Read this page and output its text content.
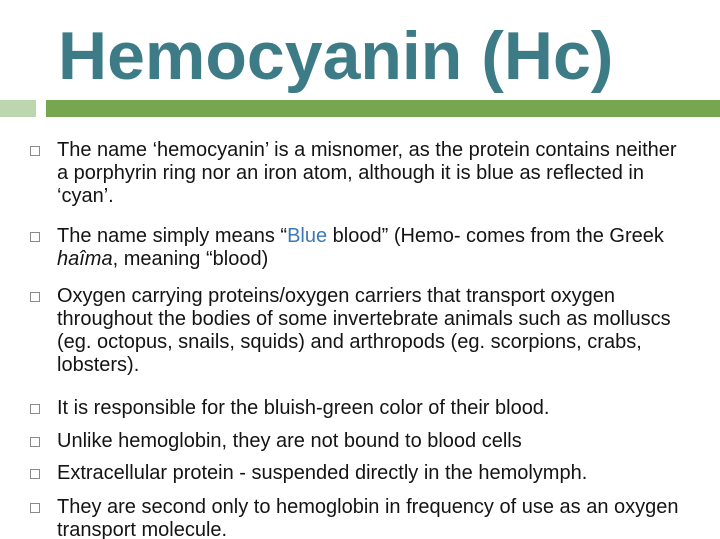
Hemocyanin (Hc)
The name ‘hemocyanin’ is a misnomer, as the protein contains neither a porphyrin ring nor an iron atom, although it is blue as reflected in ‘cyan’.
The name simply means “Blue blood” (Hemo- comes from the Greek haîma, meaning “blood)
Oxygen carrying proteins/oxygen carriers that transport oxygen throughout the bodies of some invertebrate animals such as molluscs (eg. octopus, snails, squids) and arthropods (eg. scorpions, crabs, lobsters).
It is responsible for the bluish-green color of their blood.
Unlike hemoglobin, they are not bound to blood cells
Extracellular protein - suspended directly in the hemolymph.
They are second only to hemoglobin in frequency of use as an oxygen transport molecule.
